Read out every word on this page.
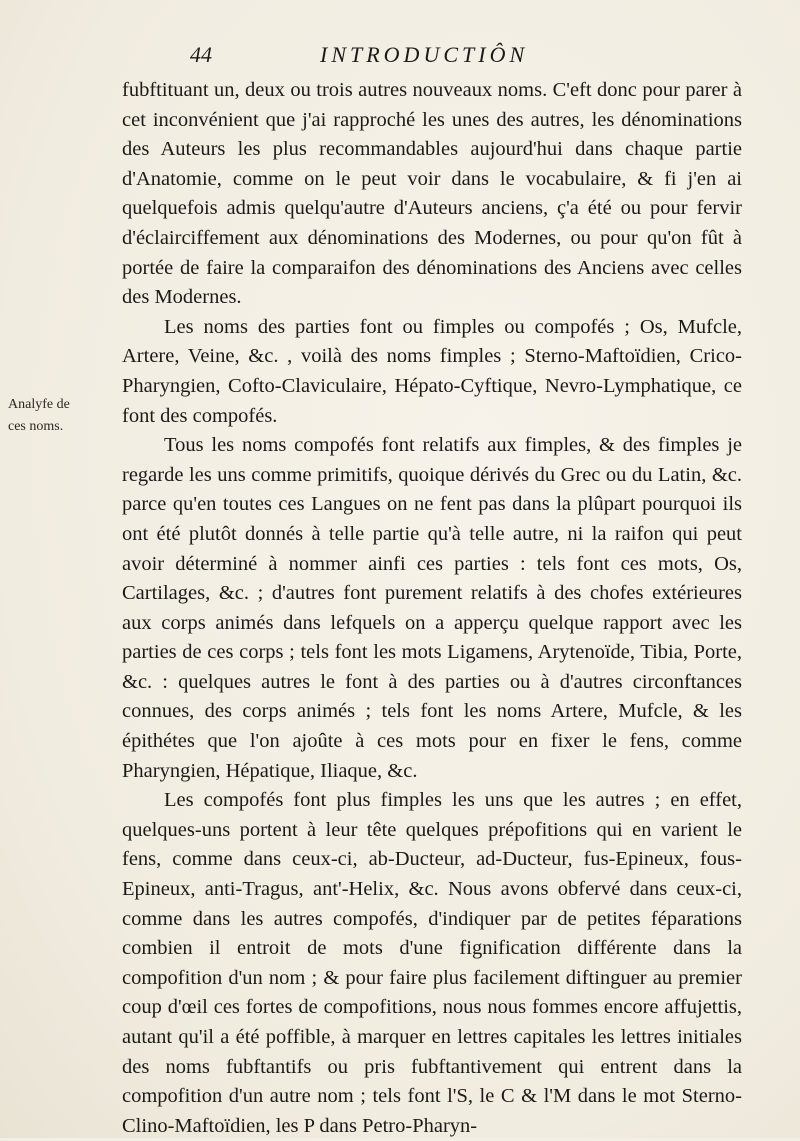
44	INTRODUCTIÔN
Analyfe de
ces noms.

fubftituant un, deux ou trois autres nouveaux noms. C'eft donc pour parer à cet inconvénient que j'ai rapproché les unes des autres, les dénominations des Auteurs les plus recommandables aujourd'hui dans chaque partie d'Anatomie, comme on le peut voir dans le vocabulaire, & fi j'en ai quelquefois admis quelqu'autre d'Auteurs anciens, ç'a été ou pour fervir d'éclairciffement aux dénominations des Modernes, ou pour qu'on fût à portée de faire la comparaifon des dénominations des Anciens avec celles des Modernes.

Les noms des parties font ou fimples ou compofés ; Os, Mufcle, Artere, Veine, &c. , voilà des noms fimples ; Sterno-Maftoïdien, Crico-Pharyngien, Cofto-Claviculaire, Hépato-Cyftique, Nevro-Lymphatique, ce font des compofés.

Tous les noms compofés font relatifs aux fimples, & des fimples je regarde les uns comme primitifs, quoique dérivés du Grec ou du Latin, &c. parce qu'en toutes ces Langues on ne fent pas dans la plûpart pourquoi ils ont été plutôt donnés à telle partie qu'à telle autre, ni la raifon qui peut avoir déterminé à nommer ainfi ces parties : tels font ces mots, Os, Cartilages, &c. ; d'autres font purement relatifs à des chofes extérieures aux corps animés dans lefquels on a apperçu quelque rapport avec les parties de ces corps ; tels font les mots Ligamens, Arytenoïde, Tibia, Porte, &c. : quelques autres le font à des parties ou à d'autres circonftances connues, des corps animés ; tels font les noms Artere, Mufcle, & les épithétes que l'on ajoûte à ces mots pour en fixer le fens, comme Pharyngien, Hépatique, Iliaque, &c.

Les compofés font plus fimples les uns que les autres ; en effet, quelques-uns portent à leur tête quelques prépofitions qui en varient le fens, comme dans ceux-ci, ab-Ducteur, ad-Ducteur, fus-Epineux, fous-Epineux, anti-Tragus, ant'-Helix, &c. Nous avons obfervé dans ceux-ci, comme dans les autres compofés, d'indiquer par de petites féparations combien il entroit de mots d'une fignification différente dans la compofition d'un nom ; & pour faire plus facilement diftinguer au premier coup d'œil ces fortes de compofitions, nous nous fommes encore affujettis, autant qu'il a été poffible, à marquer en lettres capitales les lettres initiales des noms fubftantifs ou pris fubftantivement qui entrent dans la compofition d'un autre nom ; tels font l'S, le C & l'M dans le mot Sterno-Clino-Maftoïdien, les P dans Petro-Pharyn-
